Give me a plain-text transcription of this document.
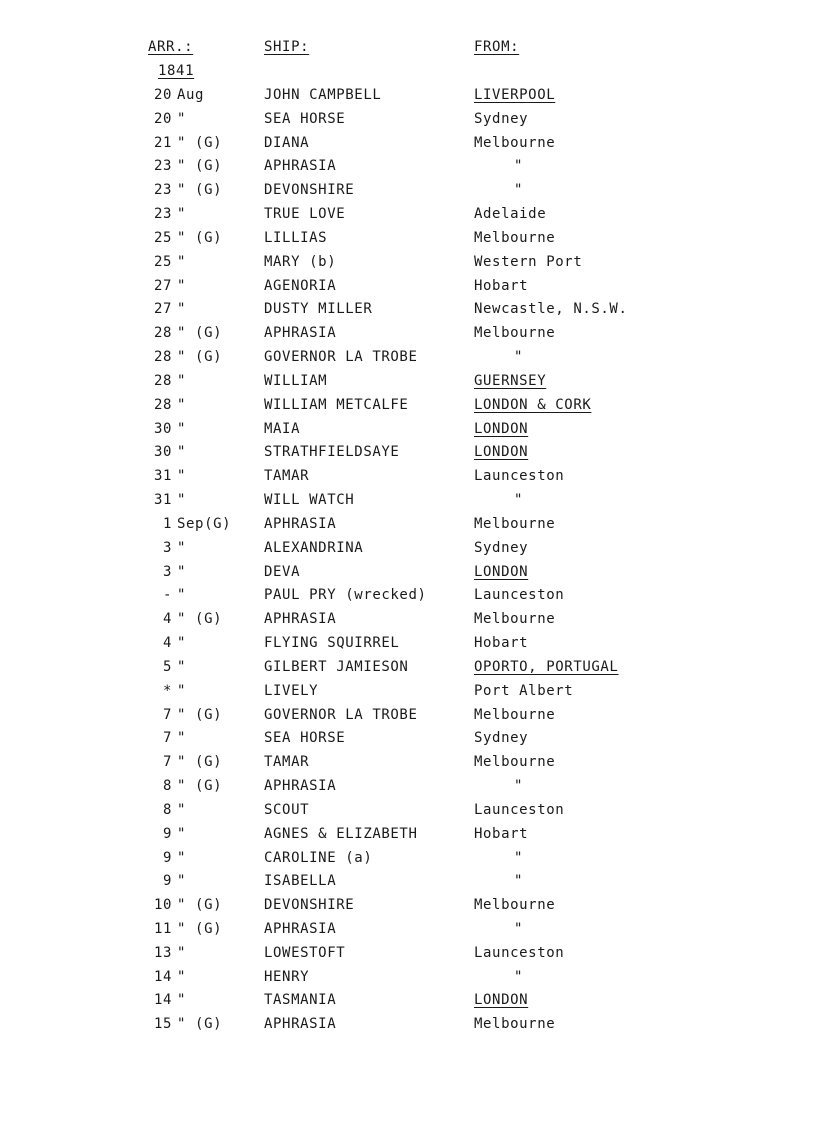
ARR.:	SHIP:	FROM:
1841
20 Aug	JOHN CAMPBELL	LIVERPOOL
20 "	SEA HORSE	Sydney
21 " (G)	DIANA	Melbourne
23 " (G)	APHRASIA	"
23 " (G)	DEVONSHIRE	"
23 "	TRUE LOVE	Adelaide
25 " (G)	LILLIAS	Melbourne
25 "	MARY (b)	Western Port
27 "	AGENORIA	Hobart
27 "	DUSTY MILLER	Newcastle, N.S.W.
28 " (G)	APHRASIA	Melbourne
28 " (G)	GOVERNOR LA TROBE	"
28 "	WILLIAM	GUERNSEY
28 "	WILLIAM METCALFE	LONDON & CORK
30 "	MAIA	LONDON
30 "	STRATHFIELDSAYE	LONDON
31 "	TAMAR	Launceston
31 "	WILL WATCH	"
1 Sep(G) APHRASIA	Melbourne
3 "	ALEXANDRINA	Sydney
3 "	DEVA	LONDON
- "	PAUL PRY (wrecked)	Launceston
4 " (G)	APHRASIA	Melbourne
4 "	FLYING SQUIRREL	Hobart
5 "	GILBERT JAMIESON	OPORTO, PORTUGAL
* "	LIVELY	Port Albert
7 " (G)	GOVERNOR LA TROBE	Melbourne
7 "	SEA HORSE	Sydney
7 " (G)	TAMAR	Melbourne
8 " (G)	APHRASIA	"
8 "	SCOUT	Launceston
9 "	AGNES & ELIZABETH	Hobart
9 "	CAROLINE (a)	"
9 "	ISABELLA	"
10 " (G)	DEVONSHIRE	Melbourne
11 " (G)	APHRASIA	"
13 "	LOWESTOFT	Launceston
14 "	HENRY	"
14 "	TASMANIA	LONDON
15 " (G)	APHRASIA	Melbourne
